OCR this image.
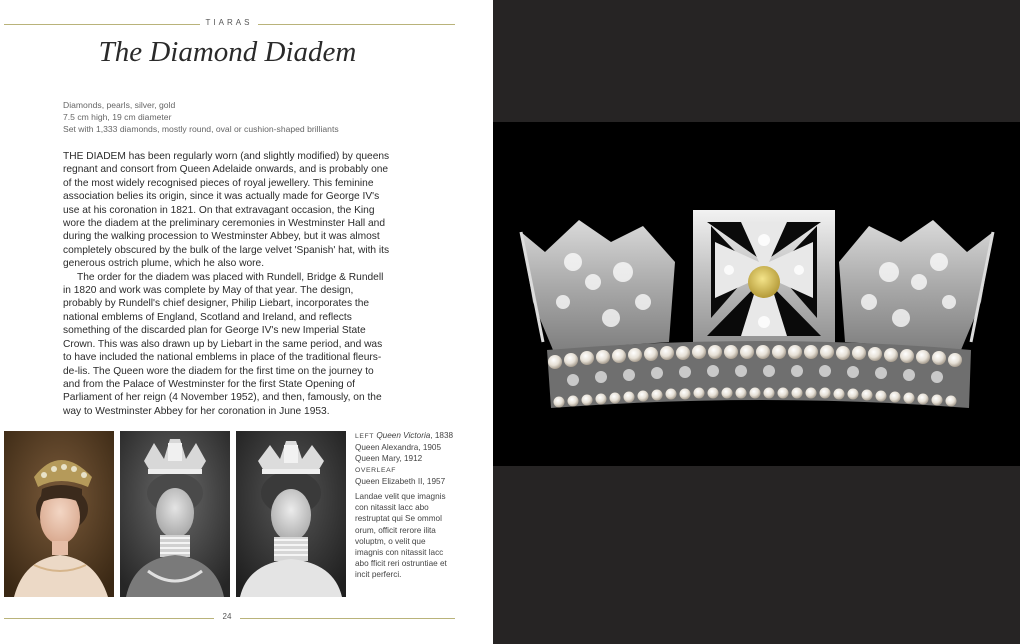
TIARAS
The Diamond Diadem
Diamonds, pearls, silver, gold
7.5 cm high, 19 cm diameter
Set with 1,333 diamonds, mostly round, oval or cushion-shaped brilliants

THE DIADEM has been regularly worn (and slightly modified) by queens regnant and consort from Queen Adelaide onwards, and is probably one of the most widely recognised pieces of royal jewellery. This feminine association belies its origin, since it was actually made for George IV's use at his coronation in 1821. On that extravagant occasion, the King wore the diadem at the preliminary ceremonies in Westminster Hall and during the walking procession to Westminster Abbey, but it was almost completely obscured by the bulk of the large velvet 'Spanish' hat, with its generous ostrich plume, which he also wore.

The order for the diadem was placed with Rundell, Bridge & Rundell in 1820 and work was complete by May of that year. The design, probably by Rundell's chief designer, Philip Liebart, incorporates the national emblems of England, Scotland and Ireland, and reflects something of the discarded plan for George IV's new Imperial State Crown. This was also drawn up by Liebart in the same period, and was to have included the national emblems in place of the traditional fleurs-de-lis. The Queen wore the diadem for the first time on the journey to and from the Palace of Westminster for the first State Opening of Parliament of her reign (4 November 1952), and then, famously, on the way to Westminster Abbey for her coronation in June 1953.

LEFT Queen Victoria, 1838
Queen Alexandra, 1905
Queen Mary, 1912
OVERLEAF
Queen Elizabeth II, 1957
Landae velit que imagnis con nitassit lacc abo restruptat qui Se ommol orum, officit rerore ilita voluptm, o velit que imagnis con nitassit lacc abo fficit reri ostruntiae et incit perferci.
24
